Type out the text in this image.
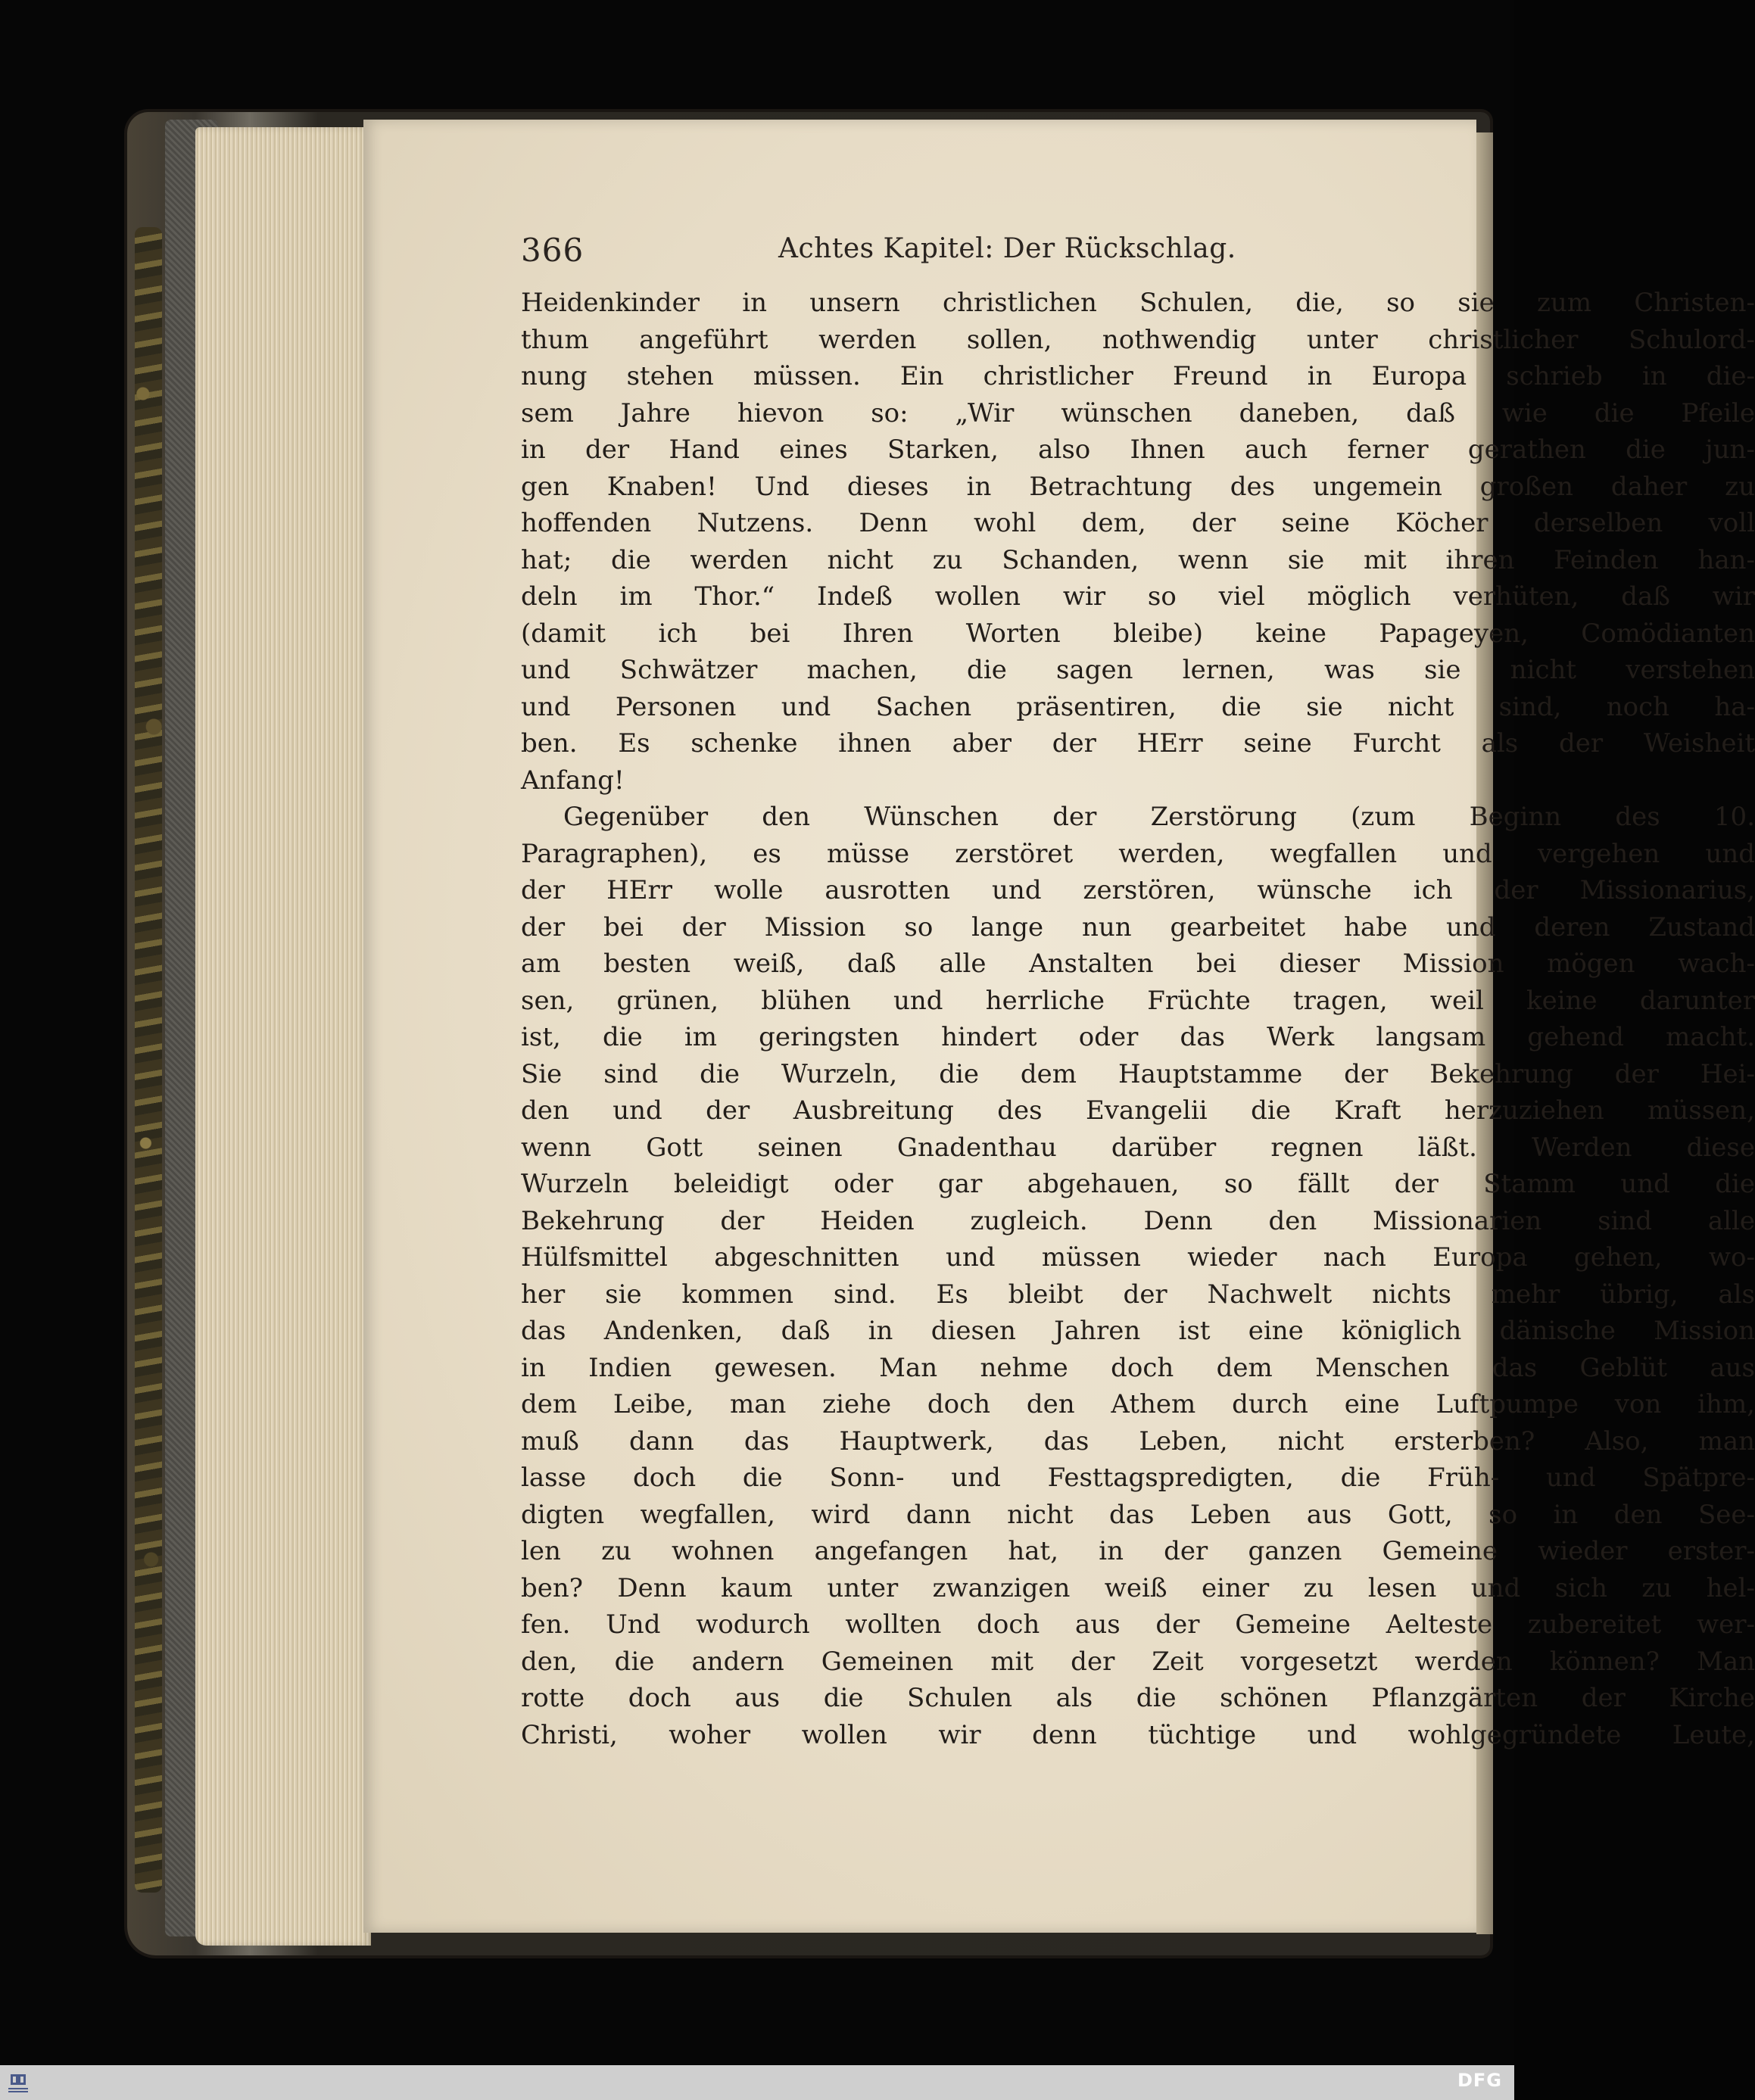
366	Achtes Kapitel: Der Rückschlag.
Heidenkinder in unsern christlichen Schulen, die, so sie zum Christen-
thum angeführt werden sollen, nothwendig unter christlicher Schulord-
nung stehen müssen. Ein christlicher Freund in Europa schrieb in die-
sem Jahre hievon so: „Wir wünschen daneben, daß wie die Pfeile
in der Hand eines Starken, also Ihnen auch ferner gerathen die jun-
gen Knaben! Und dieses in Betrachtung des ungemein großen daher zu
hoffenden Nutzens. Denn wohl dem, der seine Köcher derselben voll
hat; die werden nicht zu Schanden, wenn sie mit ihren Feinden han-
deln im Thor.“ Indeß wollen wir so viel möglich verhüten, daß wir
(damit ich bei Ihren Worten bleibe) keine Papageyen, Comödianten
und Schwätzer machen, die sagen lernen, was sie nicht verstehen
und Personen und Sachen präsentiren, die sie nicht sind, noch ha-
ben. Es schenke ihnen aber der HErr seine Furcht als der Weisheit
Anfang!
Gegenüber den Wünschen der Zerstörung (zum Beginn des 10.
Paragraphen), es müsse zerstöret werden, wegfallen und vergehen und
der HErr wolle ausrotten und zerstören, wünsche ich der Missionarius,
der bei der Mission so lange nun gearbeitet habe und deren Zustand
am besten weiß, daß alle Anstalten bei dieser Mission mögen wach-
sen, grünen, blühen und herrliche Früchte tragen, weil keine darunter
ist, die im geringsten hindert oder das Werk langsam gehend macht.
Sie sind die Wurzeln, die dem Hauptstamme der Bekehrung der Hei-
den und der Ausbreitung des Evangelii die Kraft herzuziehen müssen,
wenn Gott seinen Gnadenthau darüber regnen läßt. Werden diese
Wurzeln beleidigt oder gar abgehauen, so fällt der Stamm und die
Bekehrung der Heiden zugleich. Denn den Missionarien sind alle
Hülfsmittel abgeschnitten und müssen wieder nach Europa gehen, wo-
her sie kommen sind. Es bleibt der Nachwelt nichts mehr übrig, als
das Andenken, daß in diesen Jahren ist eine königlich dänische Mission
in Indien gewesen. Man nehme doch dem Menschen das Geblüt aus
dem Leibe, man ziehe doch den Athem durch eine Luftpumpe von ihm,
muß dann das Hauptwerk, das Leben, nicht ersterben? Also, man
lasse doch die Sonn- und Festtagspredigten, die Früh- und Spätpre-
digten wegfallen, wird dann nicht das Leben aus Gott, so in den See-
len zu wohnen angefangen hat, in der ganzen Gemeine wieder erster-
ben? Denn kaum unter zwanzigen weiß einer zu lesen und sich zu hel-
fen. Und wodurch wollten doch aus der Gemeine Aelteste zubereitet wer-
den, die andern Gemeinen mit der Zeit vorgesetzt werden können? Man
rotte doch aus die Schulen als die schönen Pflanzgärten der Kirche
Christi, woher wollen wir denn tüchtige und wohlgegründete Leute,
DFG
